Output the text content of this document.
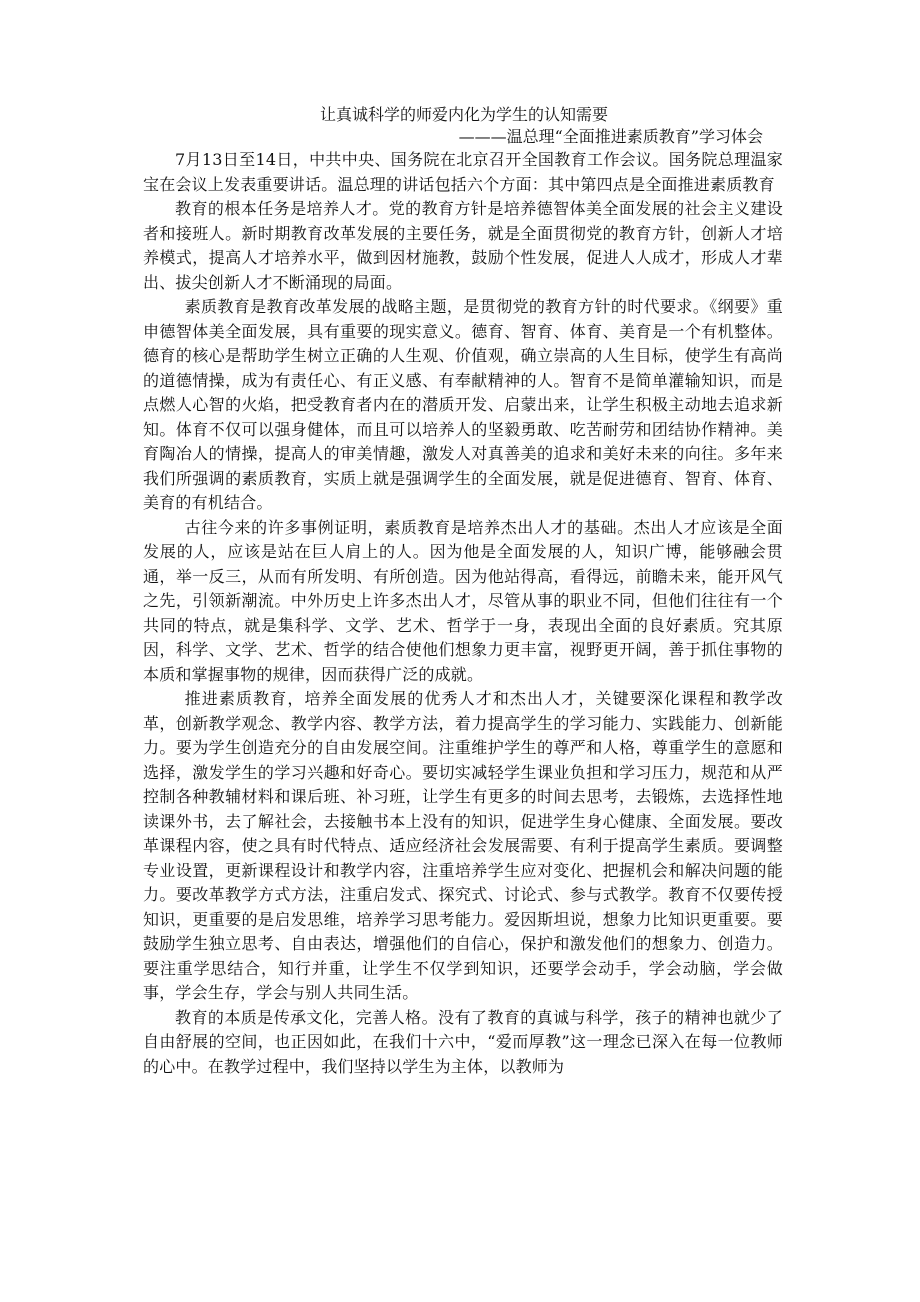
让真诚科学的师爱内化为学生的认知需要

———温总理“全面推进素质教育”学习体会

7月13日至14日，中共中央、国务院在北京召开全国教育工作会议。国务院总理温家宝在会议上发表重要讲话。温总理的讲话包括六个方面：其中第四点是全面推进素质教育

教育的根本任务是培养人才。党的教育方针是培养德智体美全面发展的社会主义建设者和接班人。新时期教育改革发展的主要任务，就是全面贯彻党的教育方针，创新人才培养模式，提高人才培养水平，做到因材施教，鼓励个性发展，促进人人成才，形成人才辈出、拔尖创新人才不断涌现的局面。

素质教育是教育改革发展的战略主题，是贯彻党的教育方针的时代要求。《纲要》重申德智体美全面发展，具有重要的现实意义。德育、智育、体育、美育是一个有机整体。德育的核心是帮助学生树立正确的人生观、价值观，确立崇高的人生目标，使学生有高尚的道德情操，成为有责任心、有正义感、有奉献精神的人。智育不是简单灌输知识，而是点燃人心智的火焰，把受教育者内在的潜质开发、启蒙出来，让学生积极主动地去追求新知。体育不仅可以强身健体，而且可以培养人的坚毅勇敢、吃苦耐劳和团结协作精神。美育陶冶人的情操，提高人的审美情趣，激发人对真善美的追求和美好未来的向往。多年来我们所强调的素质教育，实质上就是强调学生的全面发展，就是促进德育、智育、体育、美育的有机结合。

古往今来的许多事例证明，素质教育是培养杰出人才的基础。杰出人才应该是全面发展的人，应该是站在巨人肩上的人。因为他是全面发展的人，知识广博，能够融会贯通，举一反三，从而有所发明、有所创造。因为他站得高，看得远，前瞻未来，能开风气之先，引领新潮流。中外历史上许多杰出人才，尽管从事的职业不同，但他们往往有一个共同的特点，就是集科学、文学、艺术、哲学于一身，表现出全面的良好素质。究其原因，科学、文学、艺术、哲学的结合使他们想象力更丰富，视野更开阔，善于抓住事物的本质和掌握事物的规律，因而获得广泛的成就。

推进素质教育，培养全面发展的优秀人才和杰出人才，关键要深化课程和教学改革，创新教学观念、教学内容、教学方法，着力提高学生的学习能力、实践能力、创新能力。要为学生创造充分的自由发展空间。注重维护学生的尊严和人格，尊重学生的意愿和选择，激发学生的学习兴趣和好奇心。要切实减轻学生课业负担和学习压力，规范和从严控制各种教辅材料和课后班、补习班，让学生有更多的时间去思考，去锻炼，去选择性地读课外书，去了解社会，去接触书本上没有的知识，促进学生身心健康、全面发展。要改革课程内容，使之具有时代特点、适应经济社会发展需要、有利于提高学生素质。要调整专业设置，更新课程设计和教学内容，注重培养学生应对变化、把握机会和解决问题的能力。要改革教学方式方法，注重启发式、探究式、讨论式、参与式教学。教育不仅要传授知识，更重要的是启发思维，培养学习思考能力。爱因斯坦说，想象力比知识更重要。要鼓励学生独立思考、自由表达，增强他们的自信心，保护和激发他们的想象力、创造力。要注重学思结合，知行并重，让学生不仅学到知识，还要学会动手，学会动脑，学会做事，学会生存，学会与别人共同生活。

教育的本质是传承文化，完善人格。没有了教育的真诚与科学，孩子的精神也就少了自由舒展的空间，也正因如此，在我们十六中，“爱而厚教”这一理念已深入在每一位教师的心中。在教学过程中，我们坚持以学生为主体，以教师为
